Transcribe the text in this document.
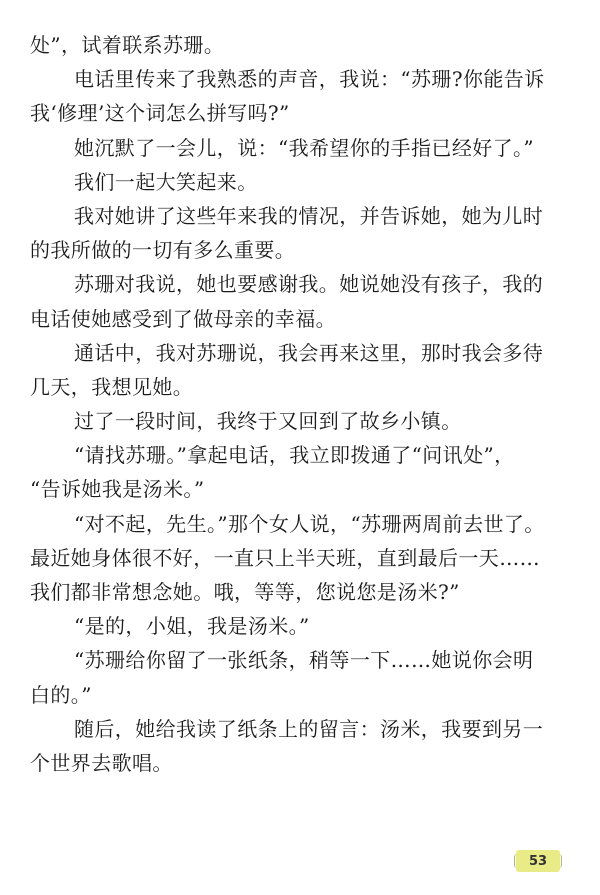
处”，试着联系苏珊。
电话里传来了我熟悉的声音，我说：“苏珊?你能告诉
我‘修理’这个词怎么拼写吗?”
她沉默了一会儿，说：“我希望你的手指已经好了。”
我们一起大笑起来。
我对她讲了这些年来我的情况，并告诉她，她为儿时
的我所做的一切有多么重要。
苏珊对我说，她也要感谢我。她说她没有孩子，我的
电话使她感受到了做母亲的幸福。
通话中，我对苏珊说，我会再来这里，那时我会多待
几天，我想见她。
过了一段时间，我终于又回到了故乡小镇。
“请找苏珊。”拿起电话，我立即拨通了“问讯处”，
“告诉她我是汤米。”
“对不起，先生。”那个女人说，“苏珊两周前去世了。
最近她身体很不好，一直只上半天班，直到最后一天……
我们都非常想念她。哦，等等，您说您是汤米?”
“是的，小姐，我是汤米。”
“苏珊给你留了一张纸条，稍等一下……她说你会明
白的。”
随后，她给我读了纸条上的留言：汤米，我要到另一
个世界去歌唱。
53
